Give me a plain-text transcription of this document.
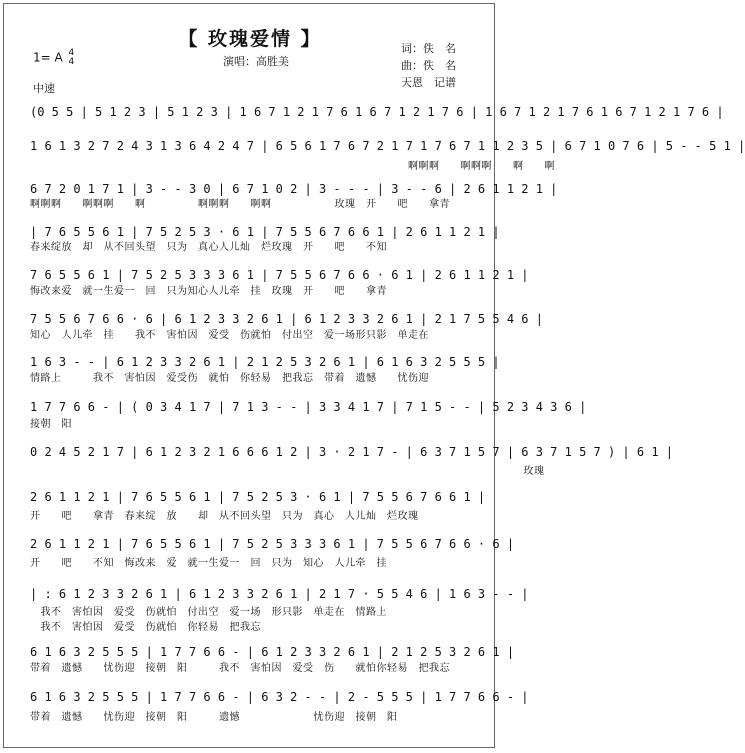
【 玫瑰爱情 】
1= A 4
4	演唱：高胜美
词：佚　名
曲：佚　名
天恩　记谱
中速
(0 5 5 | 5 1 2 3 | 5 1 2 3 | 1 6 7 1 2 1 7 6 1 6 7 1 2 1 7 6 | 1 6 7 1 2 1 7 6 1 6 7 1 2 1 7 6 |
1 6 1 3 2 7 2 4 3 1 3 6 4 2 4 7 | 6 5 6 1 7 6 7 2 1 7 1 7 6 7 1 1 2 3 5 | 6 7 1 0 7 6 | 5 - - 5 1 |
　　　　　　　　　　　　　　　　　　　　　　　　　　　　　　　　　　　　啊啊啊　　啊啊啊　　啊　　啊
6 7 2 0 1 7 1 | 3 - - 3 0 | 6 7 1 0 2 | 3 - - - | 3 - - 6 | 2 6 1 1 2 1 |
啊啊啊　　啊啊啊　　啊　　　　　啊啊啊　　啊啊　　　　　　玫瑰　开　　吧　　拿青
| 7 6 5 5 6 1 | 7 5 2 5 3 · 6 1 | 7 5 5 6 7 6 6 1 | 2 6 1 1 2 1 |
春来绽放　却　从不回头望　只为　真心人儿灿　烂玫瑰　开　　吧　　不知
7 6 5 5 6 1 | 7 5 2 5 3 3 3 6 1 | 7 5 5 6 7 6 6 · 6 1 | 2 6 1 1 2 1 |
悔改来爱　就一生爱一　回　只为知心人儿牵　挂　玫瑰　开　　吧　　拿青
7 5 5 6 7 6 6 · 6 | 6 1 2 3 3 2 6 1 | 6 1 2 3 3 2 6 1 | 2 1 7 5 5 4 6 |
知心　人儿牵　挂　　我不　害怕因　爱受　伤就怕　付出空　爱一场形只影　单走在
1 6 3 - - | 6 1 2 3 3 2 6 1 | 2 1 2 5 3 2 6 1 | 6 1 6 3 2 5 5 5 |
情路上　　　我不　害怕因　爱受伤　就怕　你轻易　把我忘　带着　遗憾　　忧伤迎
1 7 7 6 6 - | ( 0 3 4 1 7 | 7 1 3 - - | 3 3 4 1 7 | 7 1 5 - - | 5 2 3 4 3 6 |
接朝　阳
0 2 4 5 2 1 7 | 6 1 2 3 2 1 6 6 6 1 2 | 3 · 2 1 7 - | 6 3 7 1 5 7 | 6 3 7 1 5 7 ) | 6 1 |
　　　　　　　　　　　　　　　　　　　　　　　　　　　　　　　　　　　　　　　　　　　　　　　玫瑰
2 6 1 1 2 1 | 7 6 5 5 6 1 | 7 5 2 5 3 · 6 1 | 7 5 5 6 7 6 6 1 |
开　　吧　　拿青　春来绽　放　　却　从不回头望　只为　真心　人儿灿　烂玫瑰
2 6 1 1 2 1 | 7 6 5 5 6 1 | 7 5 2 5 3 3 3 6 1 | 7 5 5 6 7 6 6 · 6 |
开　　吧　　不知　悔改来　爱　就一生爱一　回　只为　知心　人儿牵　挂
| : 6 1 2 3 3 2 6 1 | 6 1 2 3 3 2 6 1 | 2 1 7 · 5 5 4 6 | 1 6 3 - - |
　我不　害怕因　爱受　伤就怕　付出空　爱一场　形只影　单走在　情路上
　我不　害怕因　爱受　伤就怕　你轻易　把我忘
6 1 6 3 2 5 5 5 | 1 7 7 6 6 - | 6 1 2 3 3 2 6 1 | 2 1 2 5 3 2 6 1 |
带着　遗憾　　忧伤迎　接朝　阳　　　我不　害怕因　爱受　伤　　就怕你轻易　把我忘
6 1 6 3 2 5 5 5 | 1 7 7 6 6 - | 6 3 2 - - | 2 - 5 5 5 | 1 7 7 6 6 - |
带着　遗憾　　忧伤迎　接朝　阳　　　遗憾　　　　　　　忧伤迎　接朝　阳
